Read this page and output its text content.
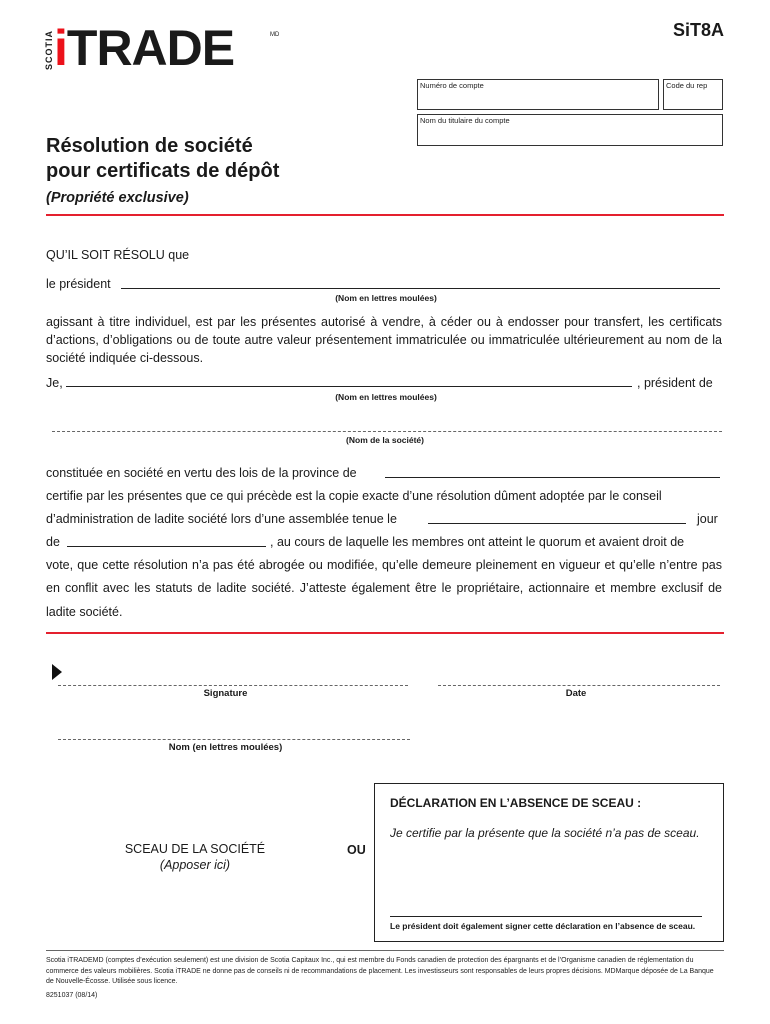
SCOTIA iTRADE	MD	SiT8A
Numéro de compte	Code du rep
Nom du titulaire du compte
Résolution de société
pour certificats de dépôt
(Propriété exclusive)
QU’IL SOIT RÉSOLU que
le président
(Nom en lettres moulées)
agissant à titre individuel, est par les présentes autorisé à vendre, à céder ou à endosser pour transfert, les certificats d’actions, d’obligations ou de toute autre valeur présentement immatriculée ou immatriculée ultérieurement au nom de la société indiquée ci-dessous.
Je,	, président de
(Nom en lettres moulées)
(Nom de la société)
constituée en société en vertu des lois de la province de
certifie par les présentes que ce qui précède est la copie exacte d’une résolution dûment adoptée par le conseil
d’administration de ladite société lors d’une assemblée tenue le	jour
de	, au cours de laquelle les membres ont atteint le quorum et avaient droit de
vote, que cette résolution n’a pas été abrogée ou modifiée, qu’elle demeure pleinement en vigueur et qu’elle n’entre pas en conflit avec les statuts de ladite société. J’atteste également être le propriétaire, actionnaire et membre exclusif de ladite société.
Signature	Date
Nom (en lettres moulées)
SCEAU DE LA SOCIÉTÉ
(Apposer ici)
OU
DÉCLARATION EN L’ABSENCE DE SCEAU :
Je certifie par la présente que la société n’a pas de sceau.
Le président doit également signer cette déclaration en l’absence de sceau.
Scotia iTRADEMD (comptes d’exécution seulement) est une division de Scotia Capitaux Inc., qui est membre du Fonds canadien de protection des épargnants et de l’Organisme canadien de réglementation du commerce des valeurs mobilières. Scotia iTRADE ne donne pas de conseils ni de recommandations de placement. Les investisseurs sont responsables de leurs propres décisions. MDMarque déposée de La Banque de Nouvelle-Écosse. Utilisée sous licence.
8251037 (08/14)
